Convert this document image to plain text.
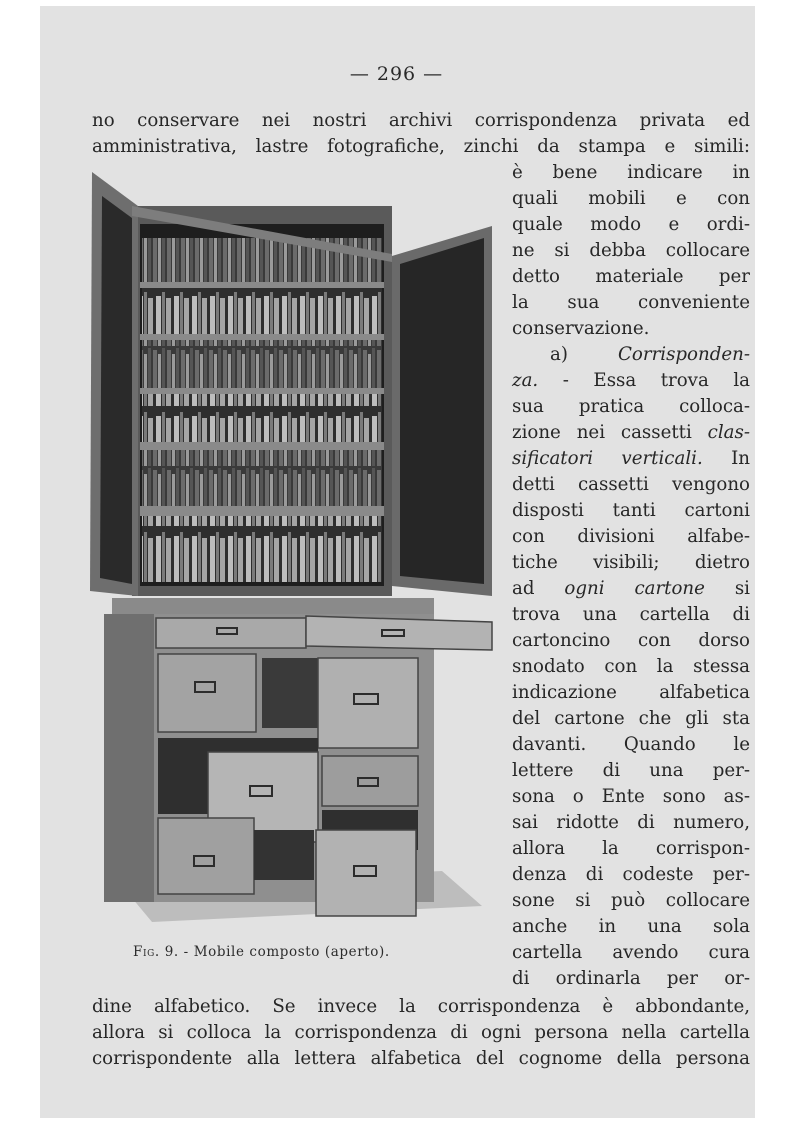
— 296 —
no conservare nei nostri archivi corrispondenza privata ed
amministrativa, lastre fotografiche, zinchi da stampa e simili:
è bene indicare in
quali mobili e con
quale modo e ordi-
ne si debba collocare
detto materiale per
la sua conveniente
conservazione.
a)	Corrisponden-
za. - Essa trova la
sua pratica colloca-
zione nei cassetti clas-
sificatori verticali. In
detti cassetti vengono
disposti tanti cartoni
con divisioni alfabe-
tiche visibili; dietro
ad ogni cartone si
trova una cartella di
cartoncino con dorso
snodato con la stessa
indicazione alfabetica
del cartone che gli sta
davanti. Quando le
lettere di una per-
sona o Ente sono as-
sai ridotte di numero,
allora la corrispon-
denza di codeste per-
sone si può collocare
anche in una sola
cartella avendo cura
di ordinarla per or-
dine alfabetico. Se invece la corrispondenza è abbondante,
allora si colloca la corrispondenza di ogni persona nella cartella
corrispondente alla lettera alfabetica del cognome della persona
Fig. 9. - Mobile composto (aperto).
